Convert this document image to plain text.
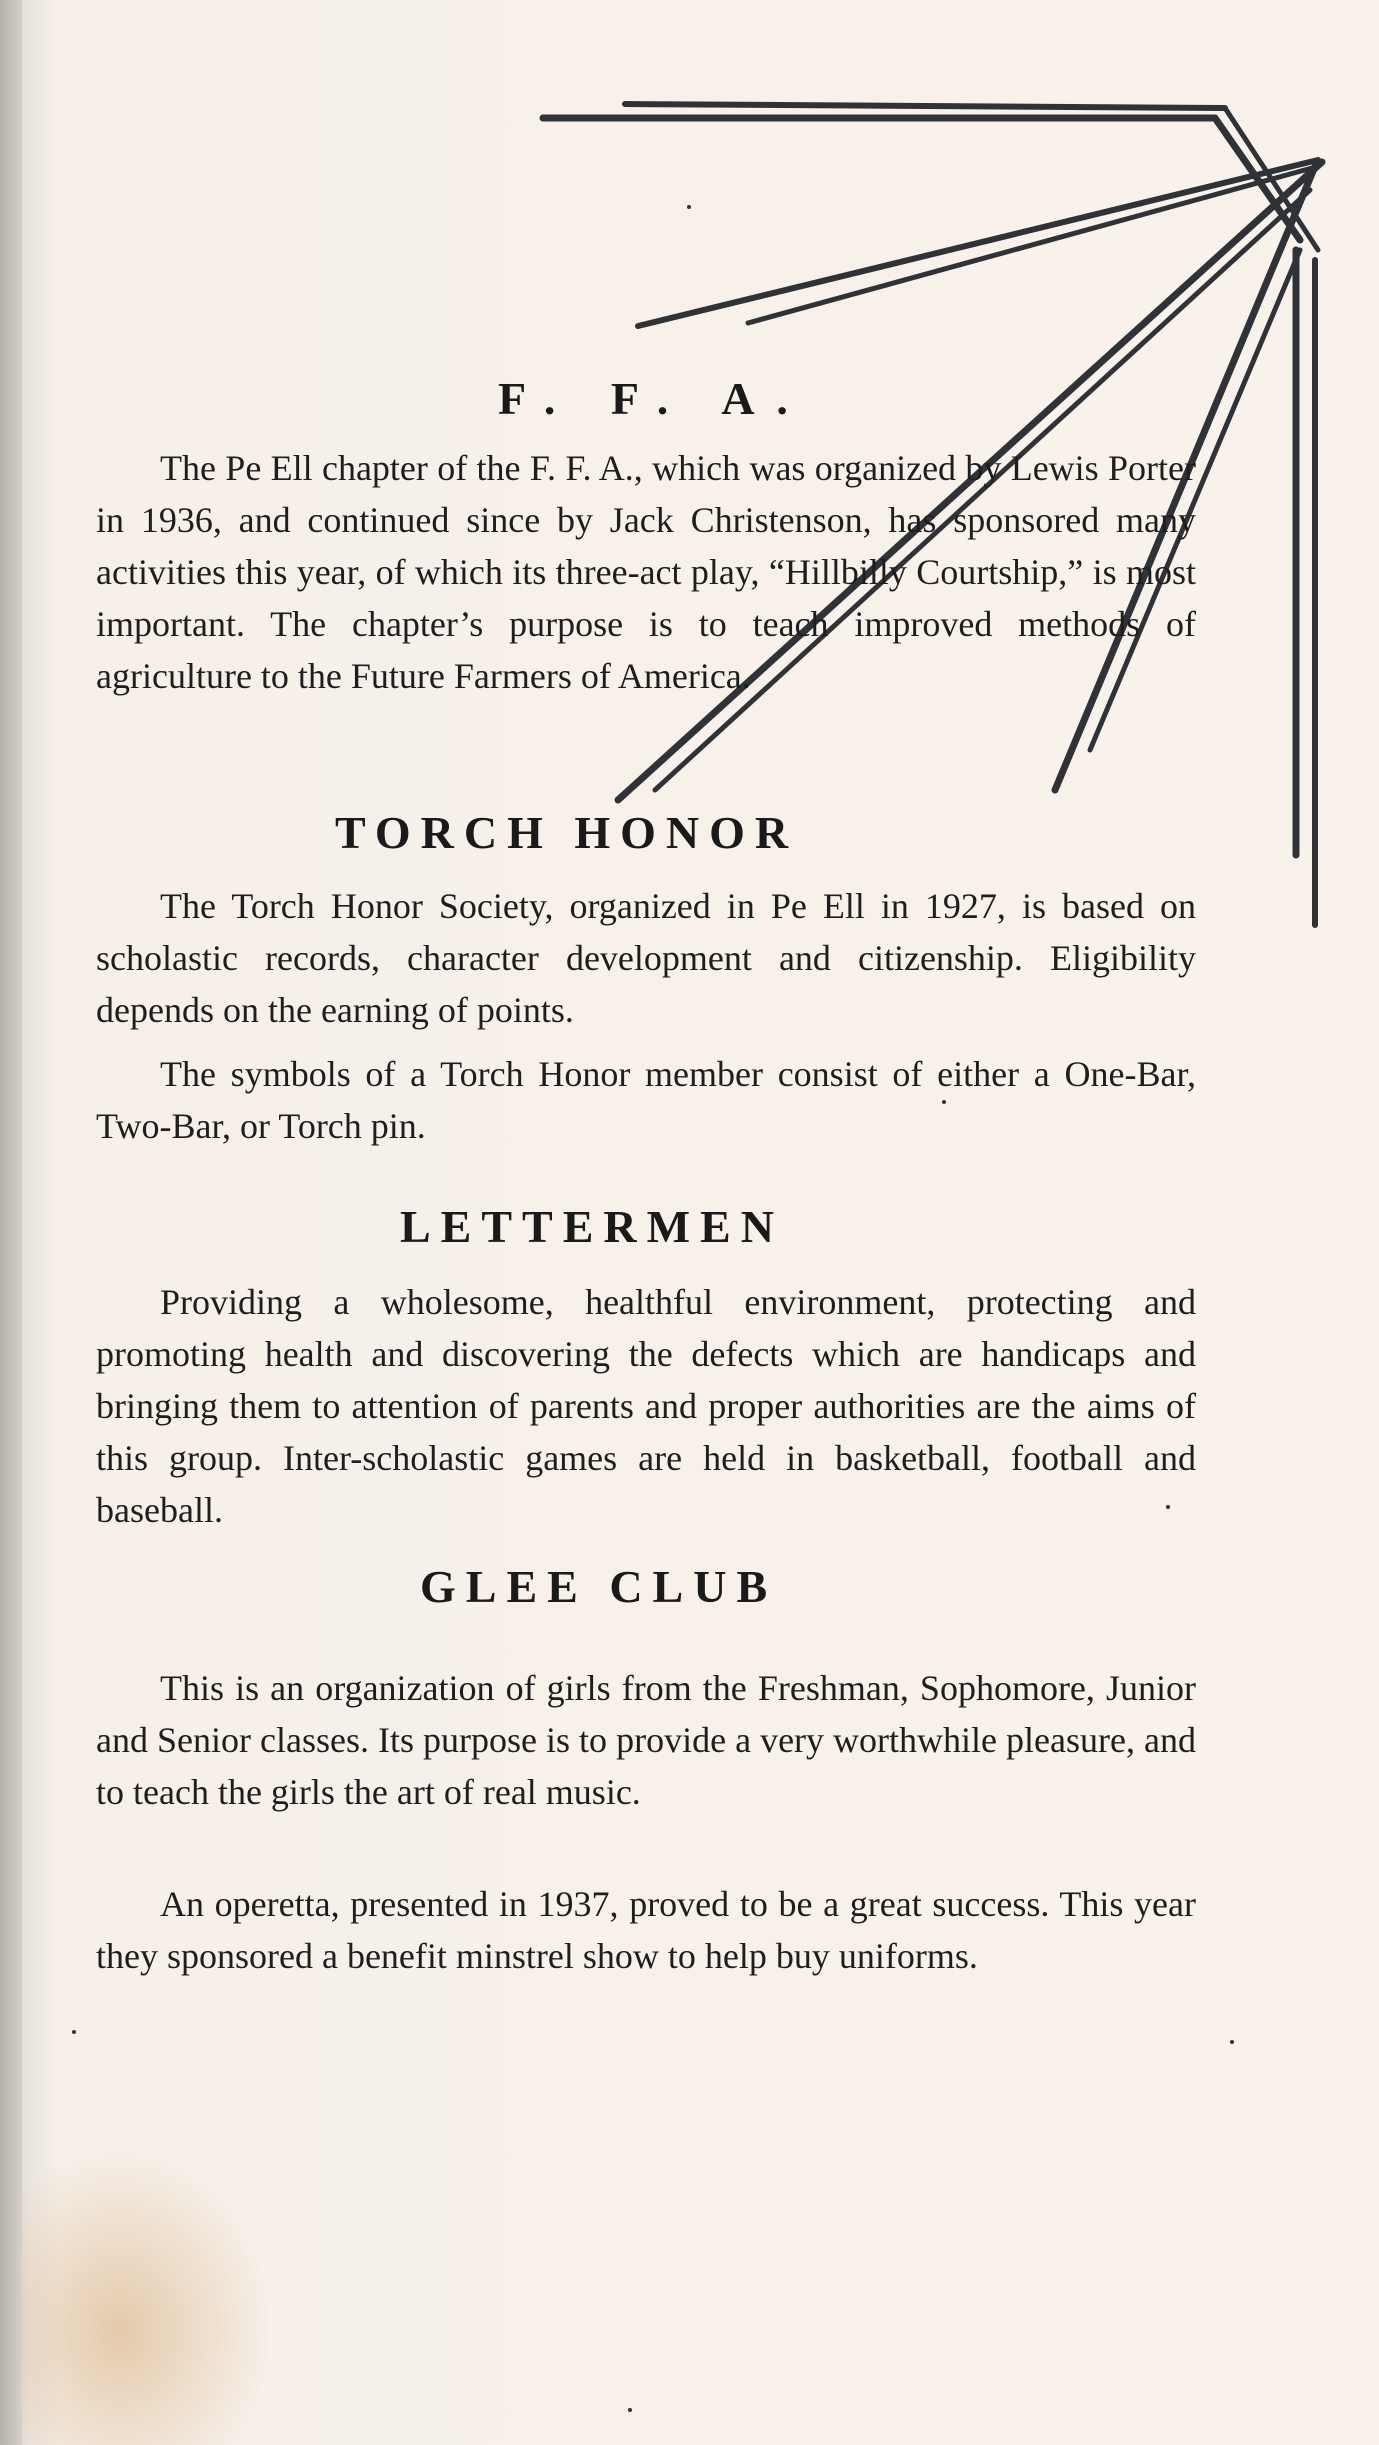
F. F. A.

The Pe Ell chapter of the F. F. A., which was organized by Lewis Porter in 1936, and continued since by Jack Christenson, has sponsored many activities this year, of which its three-act play, “Hillbilly Courtship,” is most important. The chapter’s purpose is to teach improved methods of agriculture to the Future Farmers of America.

TORCH HONOR

The Torch Honor Society, organized in Pe Ell in 1927, is based on scholastic records, character development and citizenship. Eligibility depends on the earning of points.

The symbols of a Torch Honor member consist of either a One-Bar, Two-Bar, or Torch pin.

LETTERMEN

Providing a wholesome, healthful environment, protecting and promoting health and discovering the defects which are handicaps and bringing them to attention of parents and proper authorities are the aims of this group. Inter-scholastic games are held in basketball, football and baseball.

GLEE CLUB

This is an organization of girls from the Freshman, Sophomore, Junior and Senior classes. Its purpose is to provide a very worthwhile pleasure, and to teach the girls the art of real music.

An operetta, presented in 1937, proved to be a great success. This year they sponsored a benefit minstrel show to help buy uniforms.
